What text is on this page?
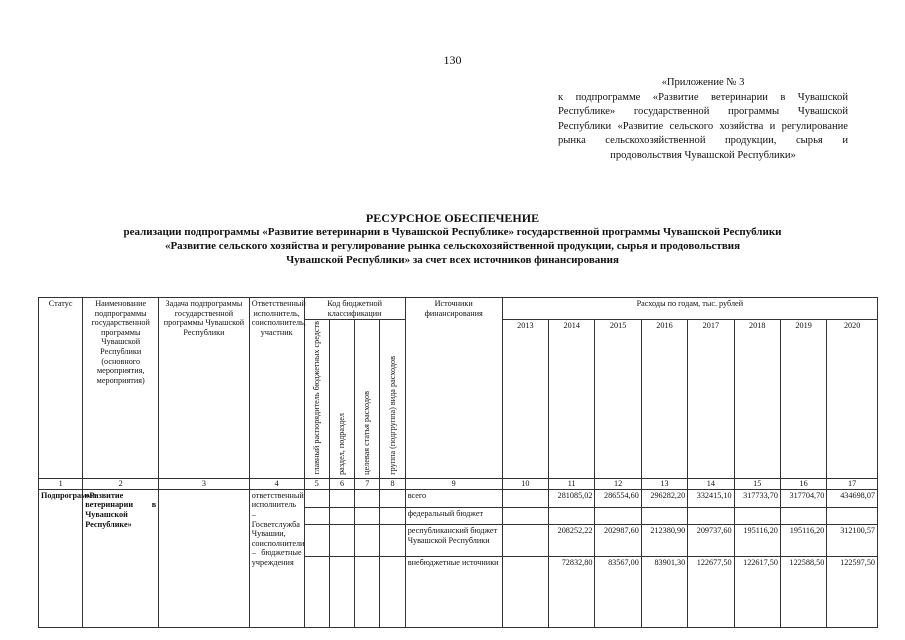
130
«Приложение № 3
к подпрограмме «Развитие ветеринарии в Чувашской Республике» государственной программы Чувашской Республики «Развитие сельского хозяйства и регулирование рынка сельскохозяйственной продукции, сырья и продовольствия Чувашской Республики»
РЕСУРСНОЕ ОБЕСПЕЧЕНИЕ
реализации подпрограммы «Развитие ветеринарии в Чувашской Республике» государственной программы Чувашской Республики
«Развитие сельского хозяйства и регулирование рынка сельскохозяйственной продукции, сырья и продовольствия
Чувашской Республики» за счет всех источников финансирования
Статус	Наименование подпрограммы государственной программы Чувашской Республики (основного мероприятия, мероприятия)	Задача подпрограммы государственной программы Чувашской Республики	Ответственный исполнитель, соисполнитель, участник	Код бюджетной классификации				Источники финансирования	Расходы по годам, тыс. рублей							
				главный распорядитель бюджетных средств	раздел, подраздел	целевая статья расходов	группа (подгруппа) вида расходов		2013	2014	2015	2016	2017	2018	2019	2020
1	2	3	4	5	6	7	8	9	10	11	12	13	14	15	16	17
Подпрограмма	«Развитие ветеринарии в Чувашской Республике»		ответственный исполнитель – Госветслужба Чувашии, соисполнители – бюджетные учреждения					всего		281085,02	286554,60	296282,20	332415,10	317733,70	317704,70	434698,07
								федеральный бюджет								
								республиканский бюджет Чувашской Республики		208252,22	202987,60	212380,90	209737,60	195116,20	195116,20	312100,57
								внебюджетные источники		72832,80	83567,00	83901,30	122677,50	122617,50	122588,50	122597,50
